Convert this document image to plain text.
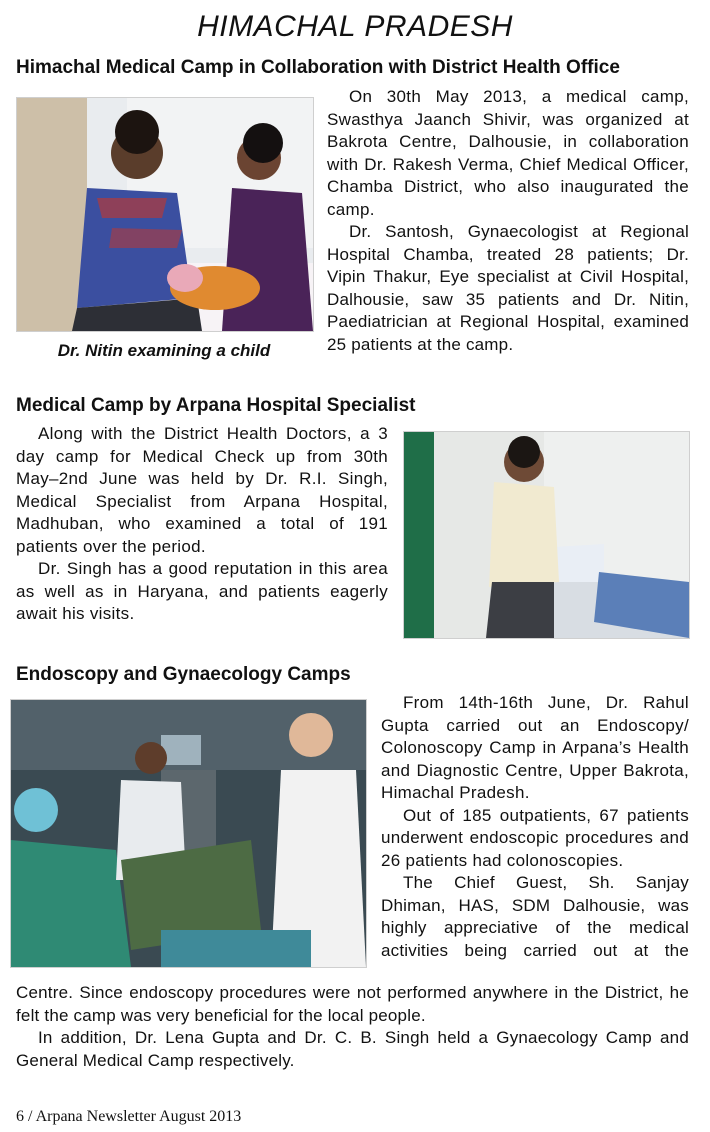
HIMACHAL PRADESH
Himachal Medical Camp in Collaboration with District Health Office
Dr. Nitin examining a child

On 30th May 2013, a medical camp, Swasthya Jaanch Shivir, was organized at Bakrota Centre, Dalhousie, in collaboration with Dr. Rakesh Verma, Chief Medical Officer, Chamba District, who also inaugurated the camp.

Dr. Santosh, Gynaecologist at Regional Hospital Chamba, treated 28 patients; Dr. Vipin Thakur, Eye specialist at Civil Hospital, Dalhousie, saw 35 patients and Dr. Nitin, Paediatrician at Regional Hospital, examined 25 patients at the camp.

Medical Camp by Arpana Hospital Specialist

Along with the District Health Doctors, a 3 day camp for Medical Check up from 30th May–2nd June was held by Dr. R.I. Singh, Medical Specialist from Arpana Hospital, Madhuban, who examined a total of 191 patients over the period.

Dr. Singh has a good reputation in this area as well as in Haryana, and patients eagerly await his visits.

Endoscopy and Gynaecology Camps

From 14th-16th June, Dr. Rahul Gupta carried out an Endoscopy/ Colonoscopy Camp in Arpana’s Health and Diagnostic Centre, Upper Bakrota, Himachal Pradesh.

Out of 185 outpatients, 67 patients underwent endoscopic procedures and 26 patients had colonoscopies.

The Chief Guest, Sh. Sanjay Dhiman, HAS, SDM Dalhousie, was highly appreciative of the medical activities being carried out at the

Centre. Since endoscopy procedures were not performed anywhere in the District, he felt the camp was very beneficial for the local people.

In addition, Dr. Lena Gupta and Dr. C. B. Singh held a Gynaecology Camp and General Medical Camp respectively.

6 / Arpana Newsletter August 2013
